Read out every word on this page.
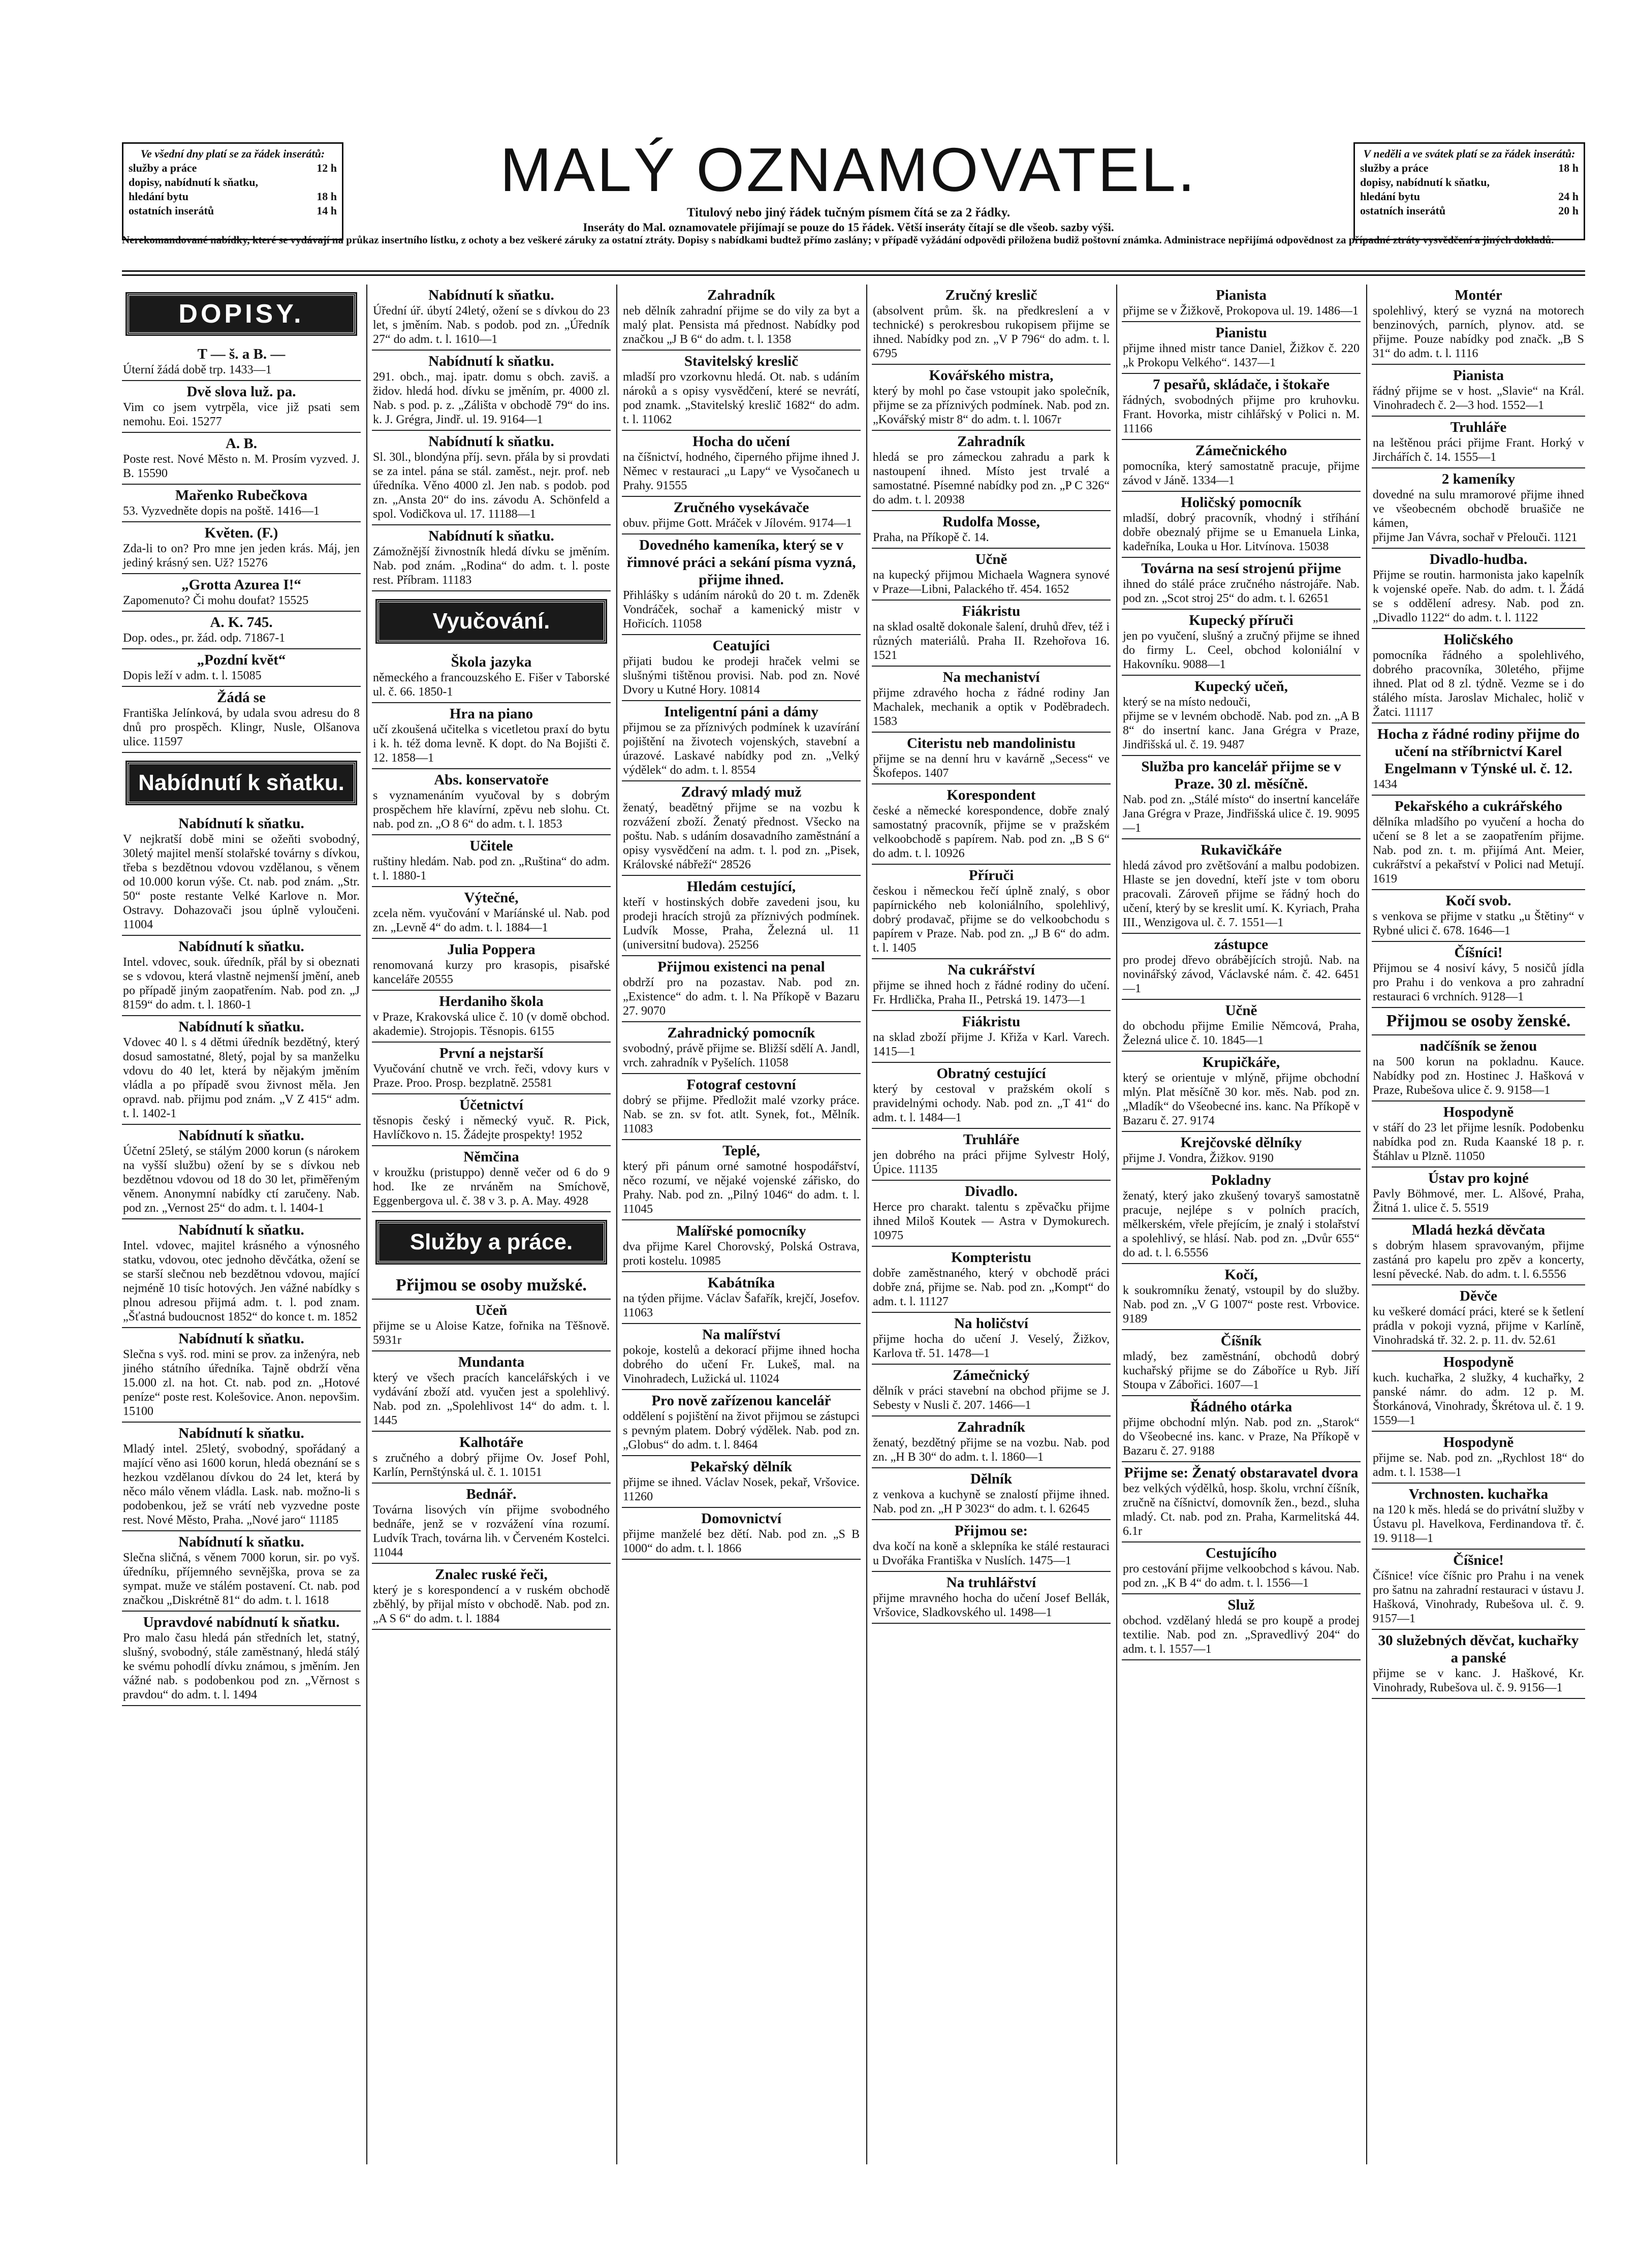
Ve všední dny platí se za řádek inserátů:
služby a práce	12 h
dopisy, nabídnutí k sňatku,
hledání bytu	18 h
ostatních inserátů	14 h
MALÝ OZNAMOVATEL.
Titulový nebo jiný řádek tučným písmem čítá se za 2 řádky.
Inseráty do Mal. oznamovatele přijímají se pouze do 15 řádek. Větší inseráty čítají se dle všeob. sazby výši.
V neděli a ve svátek platí se za řádek inserátů:
služby a práce	18 h
dopisy, nabídnutí k sňatku,
hledání bytu	24 h
ostatních inserátů	20 h
Nerekomandované nabídky, které se vydávají na průkaz insertního lístku, z ochoty a bez veškeré záruky za ostatní ztráty. Dopisy s nabídkami budtež přímo zaslány; v případě vyžádání odpovědi přiložena budiž poštovní známka. Administrace nepřijímá odpovědnost za případné ztráty vysvědčení a jiných dokladů.
DOPISY.
T — š. a B. —
Úterní žádá době trp. 1433—1
Dvě slova luž. pa.
Vim co jsem vytrpěla, vice již psati sem nemohu. Eoi. 15277
A. B.
Poste rest. Nové Město n. M. Prosím vyzved. J. B. 15590
Mařenko Rubečkova
53. Vyzvedněte dopis na poště. 1416—1
Květen. (F.)
Zda-li to on? Pro mne jen jeden krás. Máj, jen jediný krásný sen. Už? 15276
„Grotta Azurea I!“
Zapomenuto? Či mohu doufat? 15525
A. K. 745.
Dop. odes., pr. žád. odp. 71867-1
„Pozdní květ“
Dopis leží v adm. t. l. 15085
Žádá se
Františka Jelínková, by udala svou adresu do 8 dnů pro prospěch. Klingr, Nusle, Olšanova ulice. 11597
Nabídnutí k sňatku.
Nabídnutí k sňatku.
V nejkratší době mini se ožeňti svobodný, 30letý majitel menší stolařské továrny s dívkou, třeba s bezdětnou vdovou vzdělanou, s věnem od 10.000 korun výše. Ct. nab. pod znám. „Str. 50“ poste restante Velké Karlove n. Mor. Ostravy. Dohazovači jsou úplně vyloučeni. 11004
Nabídnutí k sňatku.
Intel. vdovec, souk. úředník, přál by si obeznati se s vdovou, která vlastně nejmenší jmění, aneb po případě jiným zaopatřením. Nab. pod zn. „J 8159“ do adm. t. l. 1860-1
Nabídnutí k sňatku.
Vdovec 40 l. s 4 dětmi úředník bezdětný, který dosud samostatné, 8letý, pojal by sa manželku vdovu do 40 let, která by nějakým jměním vládla a po případě svou živnost měla. Jen opravd. nab. přijmu pod znám. „V Z 415“ adm. t. l. 1402-1
Nabídnutí k sňatku.
Účetní 25letý, se stálým 2000 korun (s nárokem na vyšší službu) ožení by se s dívkou neb bezdětnou vdovou od 18 do 30 let, přiměřeným věnem. Anonymní nabídky ctí zaručeny. Nab. pod zn. „Vernost 25“ do adm. t. l. 1404-1
Nabídnutí k sňatku.
Intel. vdovec, majitel krásného a výnosného statku, vdovou, otec jednoho děvčátka, ožení se se starší slečnou neb bezdětnou vdovou, mající nejméně 10 tisíc hotových. Jen vážné nabídky s plnou adresou přijmá adm. t. l. pod znam. „Šťastná budoucnost 1852“ do konce t. m. 1852
Nabídnutí k sňatku.
Slečna s vyš. rod. mini se prov. za inženýra, neb jiného státního úředníka. Tajně obdrží věna 15.000 zl. na hot. Ct. nab. pod zn. „Hotové peníze“ poste rest. Kolešovice. Anon. nepovšim. 15100
Nabídnutí k sňatku.
Mladý intel. 25letý, svobodný, spořádaný a mající věno asi 1600 korun, hledá obeznání se s hezkou vzdělanou dívkou do 24 let, která by něco málo věnem vládla. Lask. nab. možno-li s podobenkou, jež se vrátí neb vyzvedne poste rest. Nové Město, Praha. „Nové jaro“ 11185
Nabídnutí k sňatku.
Slečna sličná, s věnem 7000 korun, sir. po vyš. úředníku, příjemného sevnějška, prova se za sympat. muže ve stálém postavení. Ct. nab. pod značkou „Diskrétně 81“ do adm. t. l. 1618
Upravdové nabídnutí k sňatku.
Pro malo času hledá pán středních let, statný, slušný, svobodný, stále zaměstnaný, hledá stálý ke svému pohodlí dívku známou, s jměním. Jen vážné nab. s podobenkou pod zn. „Věrnost s pravdou“ do adm. t. l. 1494
Nabídnutí k sňatku.
Úřední úř. úbytí 24letý, ožení se s dívkou do 23 let, s jměním. Nab. s podob. pod zn. „Úředník 27“ do adm. t. l. 1610—1
Nabídnutí k sňatku.
291. obch., maj. ipatr. domu s obch. zaviš. a židov. hledá hod. dívku se jměním, pr. 4000 zl. Nab. s pod. p. z. „Zálišta v obchodě 79“ do ins. k. J. Grégra, Jindř. ul. 19. 9164—1
Nabídnutí k sňatku.
Sl. 30l., blondýna příj. sevn. přála by si provdati se za intel. pána se stál. zaměst., nejr. prof. neb úředníka. Věno 4000 zl. Jen nab. s podob. pod zn. „Ansta 20“ do ins. závodu A. Schönfeld a spol. Vodičkova ul. 17. 11188—1
Nabídnutí k sňatku.
Zámožnější živnostník hledá dívku se jměním. Nab. pod znám. „Rodina“ do adm. t. l. poste rest. Příbram. 11183
Vyučování.
Škola jazyka
německého a francouzského E. Fišer v Taborské ul. č. 66. 1850-1
Hra na piano
učí zkoušená učitelka s vicetletou praxí do bytu i k. h. též doma levně. K dopt. do Na Bojišti č. 12. 1858—1
Abs. konservatoře
s vyznamenáním vyučoval by s dobrým prospěchem hře klavírní, zpěvu neb slohu. Ct. nab. pod zn. „O 8 6“ do adm. t. l. 1853
Učitele
ruštiny hledám. Nab. pod zn. „Ruština“ do adm. t. l. 1880-1
Výtečné,
zcela něm. vyučování v Maríánské ul. Nab. pod zn. „Levně 4“ do adm. t. l. 1884—1
Julia Poppera
renomovaná kurzy pro krasopis, pisařské kanceláře 20555
Herdaniho škola
v Praze, Krakovská ulice č. 10 (v domě obchod. akademie). Strojopis. Těsnopis. 6155
První a nejstarší
Vyučování chutně ve vrch. řeči, vdovy kurs v Praze. Proo. Prosp. bezplatně. 25581
Účetnictví
těsnopis český i německý vyuč. R. Pick, Havlíčkovo n. 15. Žádejte prospekty! 1952
Němčina
v kroužku (pristuppo) denně večer od 6 do 9 hod. Ike ze nrváněm na Smíchově, Eggenbergova ul. č. 38 v 3. p. A. May. 4928
Služby a práce.
Přijmou se osoby mužské.
Učeň
přijme se u Aloise Katze, fořnika na Těšnově. 5931r
Mundanta
který ve všech pracích kancelářských i ve vydávání zboží atd. vyučen jest a spolehlivý. Nab. pod zn. „Spolehlivost 14“ do adm. t. l. 1445
Kalhotáře
s zručného a dobrý přijme Ov. Josef Pohl, Karlín, Pernštýnská ul. č. 1. 10151
Bednář.
Továrna lisových vín přijme svobodného bednáře, jenž se v rozvážení vína rozumí. Ludvík Trach, továrna lih. v Červeném Kostelci. 11044
Znalec ruské řeči,
který je s korespondencí a v ruském obchodě zběhlý, by přijal místo v obchodě. Nab. pod zn. „A S 6“ do adm. t. l. 1884
Zahradník
neb dělník zahradní přijme se do vily za byt a malý plat. Pensista má přednost. Nabídky pod značkou „J B 6“ do adm. t. l. 1358
Stavitelský kreslič
mladší pro vzorkovnu hledá. Ot. nab. s udáním nároků a s opisy vysvědčení, které se nevrátí, pod znamk. „Stavitelský kreslič 1682“ do adm. t. l. 11062
Hocha do učení
na číšnictví, hodného, čiperného přijme ihned J. Němec v restauraci „u Lapy“ ve Vysočanech u Prahy. 91555
Zručného vysekávače
obuv. přijme Gott. Mráček v Jílovém. 9174—1
Dovedného kameníka, který se v řimnové práci a sekání písma vyzná, přijme ihned.
Přihlášky s udáním nároků do 20 t. m. Zdeněk Vondráček, sochař a kamenický mistr v Hořicích. 11058
Ceatujíci
přijati budou ke prodeji hraček velmi se slušnými tištěnou provisi. Nab. pod zn. Nové Dvory u Kutné Hory. 10814
Inteligentní páni a dámy
přijmou se za příznivých podmínek k uzavírání pojištění na životech vojenských, stavební a úrazové. Laskavé nabídky pod zn. „Velký výdělek“ do adm. t. l. 8554
Zdravý mladý muž
ženatý, beadětný přijme se na vozbu k rozvážení zboží. Ženatý přednost. Všecko na poštu. Nab. s udáním dosavadního zaměstnání a opisy vysvědčení na adm. t. l. pod zn. „Pisek, Královské nábřeží“ 28526
Hledám cestující,
kteří v hostinských dobře zavedeni jsou, ku prodeji hracích strojů za příznivých podmínek. Ludvík Mosse, Praha, Železná ul. 11 (universitní budova). 25256
Přijmou existenci na penal
obdrží pro na pozastav. Nab. pod zn. „Existence“ do adm. t. l. Na Příkopě v Bazaru 27. 9070
Zahradnický pomocník
svobodný, právě přijme se. Bližší sdělí A. Jandl, vrch. zahradník v Pyšelích. 11058
Fotograf cestovní
dobrý se přijme. Předložit malé vzorky práce. Nab. se zn. sv fot. atlt. Synek, fot., Mělník. 11083
Teplé,
který při pánum orné samotné hospodářství, něco rozumí, ve nějaké vojenské zářisko, do Prahy. Nab. pod zn. „Pilný 1046“ do adm. t. l. 11045
Malířské pomocníky
dva přijme Karel Chorovský, Polská Ostrava, proti kostelu. 10985
Kabátníka
na týden přijme. Václav Šafařík, krejčí, Josefov. 11063
Na malířství
pokoje, kostelů a dekorací přijme ihned hocha dobrého do učení Fr. Lukeš, mal. na Vinohradech, Lužická ul. 11024
Pro nově zařízenou kancelář
oddělení s pojištění na život přijmou se zástupci s pevným platem. Dobrý výdělek. Nab. pod zn. „Globus“ do adm. t. l. 8464
Pekařský dělník
přijme se ihned. Václav Nosek, pekař, Vršovice. 11260
Domovnictví
přijme manželé bez dětí. Nab. pod zn. „S B 1000“ do adm. t. l. 1866
Zručný kreslič
(absolvent prům. šk. na předkreslení a v technické) s perokresbou rukopisem přijme se ihned. Nabídky pod zn. „V P 796“ do adm. t. l. 6795
Kovářského mistra,
který by mohl po čase vstoupit jako společník, přijme se za příznivých podmínek. Nab. pod zn. „Kovářský mistr 8“ do adm. t. l. 1067r
Zahradník
hledá se pro zámeckou zahradu a park k nastoupení ihned. Místo jest trvalé a samostatné. Písemné nabídky pod zn. „P C 326“ do adm. t. l. 20938
Rudolfa Mosse,
Praha, na Příkopě č. 14.
Učně
na kupecký přijmou Michaela Wagnera synové v Praze—Libni, Palackého tř. 454. 1652
Fiákristu
na sklad osaltě dokonale šalení, druhů dřev, též i různých materiálů. Praha II. Rzehořova 16. 1521
Na mechaniství
přijme zdravého hocha z řádné rodiny Jan Machalek, mechanik a optik v Poděbradech. 1583
Citeristu neb mandolinistu
přijme se na denní hru v kavárně „Secess“ ve Škofepos. 1407
Korespondent
české a německé korespondence, dobře znalý samostatný pracovník, přijme se v pražském velkoobchodě s papírem. Nab. pod zn. „B S 6“ do adm. t. l. 10926
Příruči
českou i německou řečí úplně znalý, s obor papírnického neb koloniálního, spolehlivý, dobrý prodavač, přijme se do velkoobchodu s papírem v Praze. Nab. pod zn. „J B 6“ do adm. t. l. 1405
Na cukrářství
přijme se ihned hoch z řádné rodiny do učení. Fr. Hrdlička, Praha II., Petrská 19. 1473—1
Fiákristu
na sklad zboží přijme J. Křiža v Karl. Varech. 1415—1
Obratný cestující
který by cestoval v pražském okolí s pravidelnými ochody. Nab. pod zn. „T 41“ do adm. t. l. 1484—1
Truhláře
jen dobrého na práci přijme Sylvestr Holý, Úpice. 11135
Divadlo.
Herce pro charakt. talentu s zpěvačku přijme ihned Miloš Koutek — Astra v Dymokurech. 10975
Kompteristu
dobře zaměstnaného, který v obchodě práci dobře zná, přijme se. Nab. pod zn. „Kompt“ do adm. t. l. 11127
Na holičství
přijme hocha do učení J. Veselý, Žižkov, Karlova tř. 51. 1478—1
Zámečnický
dělník v práci stavební na obchod přijme se J. Sebesty v Nusli č. 207. 1466—1
Zahradník
ženatý, bezdětný přijme se na vozbu. Nab. pod zn. „H B 30“ do adm. t. l. 1860—1
Dělník
z venkova a kuchyně se znalostí přijme ihned. Nab. pod zn. „H P 3023“ do adm. t. l. 62645
Přijmou se:
dva kočí na koně a sklepníka ke stálé restauraci u Dvořáka Františka v Nuslích. 1475—1
Na truhlářství
přijme mravného hocha do učení Josef Bellák, Vršovice, Sladkovského ul. 1498—1
Pianista
přijme se v Žižkově, Prokopova ul. 19. 1486—1
Pianistu
přijme ihned mistr tance Daniel, Žižkov č. 220 „k Prokopu Velkého“. 1437—1
7 pesařů, skládače, i štokaře
řádných, svobodných přijme pro kruhovku. Frant. Hovorka, mistr cihlářský v Polici n. M. 11166
Zámečnického
pomocníka, který samostatně pracuje, přijme závod v Jáně. 1334—1
Holičský pomocník
mladší, dobrý pracovník, vhodný i stříhání dobře obeznalý přijme se u Emanuela Linka, kadeřníka, Louka u Hor. Litvínova. 15038
Továrna na sesí strojenú přijme
ihned do stálé práce zručného nástrojáře. Nab. pod zn. „Scot stroj 25“ do adm. t. l. 62651
Kupecký příruči
jen po vyučení, slušný a zručný přijme se ihned do firmy L. Ceel, obchod koloniální v Hakovníku. 9088—1
Kupecký učeň,
který se na místo nedouči,
přijme se v levném obchodě. Nab. pod zn. „A B 8“ do insertní kanc. Jana Grégra v Praze, Jindřišská ul. č. 19. 9487
Služba pro kancelář přijme se v Praze. 30 zl. měsíčně.
Nab. pod zn. „Stálé místo“ do insertní kanceláře Jana Grégra v Praze, Jindřišská ulice č. 19. 9095—1
Rukavičkáře
hledá závod pro zvětšování a malbu podobizen. Hlaste se jen dovední, kteří jste v tom oboru pracovali. Zároveň přijme se řádný hoch do učení, který by se kreslit umí. K. Kyriach, Praha III., Wenzigova ul. č. 7. 1551—1
zástupce
pro prodej dřevo obrábějících strojů. Nab. na novinářský závod, Václavské nám. č. 42. 6451—1
Učně
do obchodu přijme Emilie Němcová, Praha, Železná ulice č. 10. 1845—1
Krupičkáře,
který se orientuje v mlýně, přijme obchodní mlýn. Plat měsíčně 30 kor. měs. Nab. pod zn. „Mladík“ do Všeobecné ins. kanc. Na Příkopě v Bazaru č. 27. 9174
Krejčovské dělníky
přijme J. Vondra, Žižkov. 9190
Pokladny
ženatý, který jako zkušený tovaryš samostatně pracuje, nejlépe s v polních pracích, mělkerském, vřele přejícím, je znalý i stolařství a spolehlivý, se hlásí. Nab. pod zn. „Dvůr 655“ do ad. t. l. 6.5556
Kočí,
k soukromníku ženatý, vstoupil by do služby. Nab. pod zn. „V G 1007“ poste rest. Vrbovice. 9189
Číšník
mladý, bez zaměstnání, obchodů dobrý kuchařský přijme se do Záboříce u Ryb. Jiří Stoupa v Zábořici. 1607—1
Řádného otárka
přijme obchodní mlýn. Nab. pod zn. „Starok“ do Všeobecné ins. kanc. v Praze, Na Příkopě v Bazaru č. 27. 9188
Přijme se: Ženatý obstaravatel dvora
bez velkých výdělků, hosp. školu, vrchní číšník, zručně na číšnictví, domovník žen., bezd., sluha mladý. Ct. nab. pod zn. Praha, Karmelitská 44. 6.1r
Cestujícího
pro cestování přijme velkoobchod s kávou. Nab. pod zn. „K B 4“ do adm. t. l. 1556—1
Služ
obchod. vzdělaný hledá se pro koupě a prodej textilie. Nab. pod zn. „Spravedlivý 204“ do adm. t. l. 1557—1
Montér
spolehlivý, který se vyzná na motorech benzinových, parních, plynov. atd. se přijme. Pouze nabídky pod značk. „B S 31“ do adm. t. l. 1116
Pianista
řádný přijme se v host. „Slavie“ na Král. Vinohradech č. 2—3 hod. 1552—1
Truhláře
na leštěnou práci přijme Frant. Horký v Jirchářích č. 14. 1555—1
2 kameníky
dovedné na sulu mramorové přijme ihned ve všeobecném obchodě bruašiče ne kámen,
přijme Jan Vávra, sochař v Přelouči. 1121
Divadlo-hudba.
Přijme se routin. harmonista jako kapelník k vojenské opeře. Nab. do adm. t. l. Žádá se s oddělení adresy. Nab. pod zn. „Divadlo 1122“ do adm. t. l. 1122
Holičského
pomocníka řádného a spolehlivého, dobrého pracovníka, 30letého, přijme ihned. Plat od 8 zl. týdně. Vezme se i do stálého místa. Jaroslav Michalec, holič v Žatci. 11117
Hocha z řádné rodiny přijme do učení na stříbrnictví Karel Engelmann v Týnské ul. č. 12.
1434
Pekařského a cukrářského
dělníka mladšího po vyučení a hocha do učení se 8 let a se zaopatřením přijme. Nab. pod zn. t. m. přijímá Ant. Meier, cukrářství a pekařství v Polici nad Metují. 1619
Kočí svob.
s venkova se přijme v statku „u Štětiny“ v Rybné ulici č. 678. 1646—1
Číšníci!
Přijmou se 4 nosiví kávy, 5 nosičů jídla pro Prahu i do venkova a pro zahradní restauraci 6 vrchních. 9128—1
Přijmou se osoby ženské.
nadčíšník se ženou
na 500 korun na pokladnu. Kauce. Nabídky pod zn. Hostinec J. Hašková v Praze, Rubešova ulice č. 9. 9158—1
Hospodyně
v stáří do 23 let přijme lesník. Podobenku nabídka pod zn. Ruda Kaanské 18 p. r. Štáhlav u Plzně. 11050
Ústav pro kojné
Pavly Böhmové, mer. L. Alšové, Praha, Žitná 1. ulice č. 5. 5519
Mladá hezká děvčata
s dobrým hlasem spravovaným, přijme zastáná pro kapelu pro zpěv a koncerty, lesní pěvecké. Nab. do adm. t. l. 6.5556
Děvče
ku veškeré domácí práci, které se k šetlení prádla v pokoji vyzná, přijme v Karlíně, Vinohradská tř. 32. 2. p. 11. dv. 52.61
Hospodyně
kuch. kuchařka, 2 služky, 4 kuchařky, 2 panské námr. do adm. 12 p. M. Štorkánová, Vinohrady, Škrétova ul. č. 1 9. 1559—1
Hospodyně
přijme se. Nab. pod zn. „Rychlost 18“ do adm. t. l. 1538—1
Vrchnosten. kuchařka
na 120 k měs. hledá se do privátní služby v Ústavu pl. Havelkova, Ferdinandova tř. č. 19. 9118—1
Číšnice!
Číšnice! více číšnic pro Prahu i na venek pro šatnu na zahradní restauraci v ústavu J. Hašková, Vinohrady, Rubešova ul. č. 9. 9157—1
30 služebných děvčat, kuchařky a panské
přijme se v kanc. J. Haškové, Kr. Vinohrady, Rubešova ul. č. 9. 9156—1
